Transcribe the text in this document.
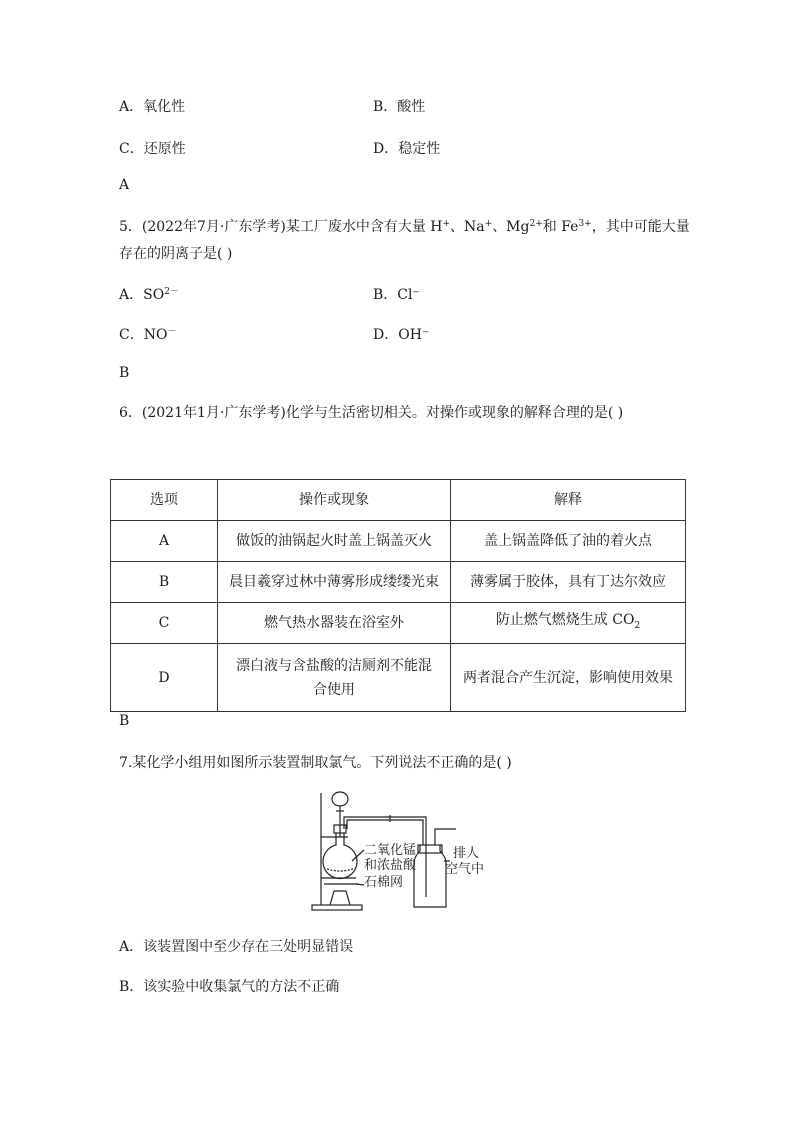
A．氧化性	B．酸性
C．还原性	D．稳定性
A
5．(2022年7月·广东学考)某工厂废水中含有大量 H+、Na+、$Mg^{2+}$和 $Fe^{3+}$，其中可能大量
存在的阴离子是( )
A．$SO^{2-}$	B．Cl⁻
C．NO－	D．OH⁻
B
6．(2021年1月·广东学考)化学与生活密切相关。对操作或现象的解释合理的是( )
选项	操作或现象	解释
A	做饭的油锅起火时盖上锅盖灭火	盖上锅盖降低了油的着火点
B	晨目羲穿过林中薄雾形成缕缕光束	薄雾属于胶体，具有丁达尔效应
C	燃气热水器装在浴室外	防止燃气燃烧生成 $CO_2$
D	漂白液与含盐酸的洁厕剂不能混合使用	两者混合产生沉淀，影响使用效果
B
7.某化学小组用如图所示装置制取氯气。下列说法不正确的是( )
二氧化锰
和浓盐酸
石棉网
排人
空气中
A．该装置图中至少存在三处明显错误
B．该实验中收集氯气的方法不正确
